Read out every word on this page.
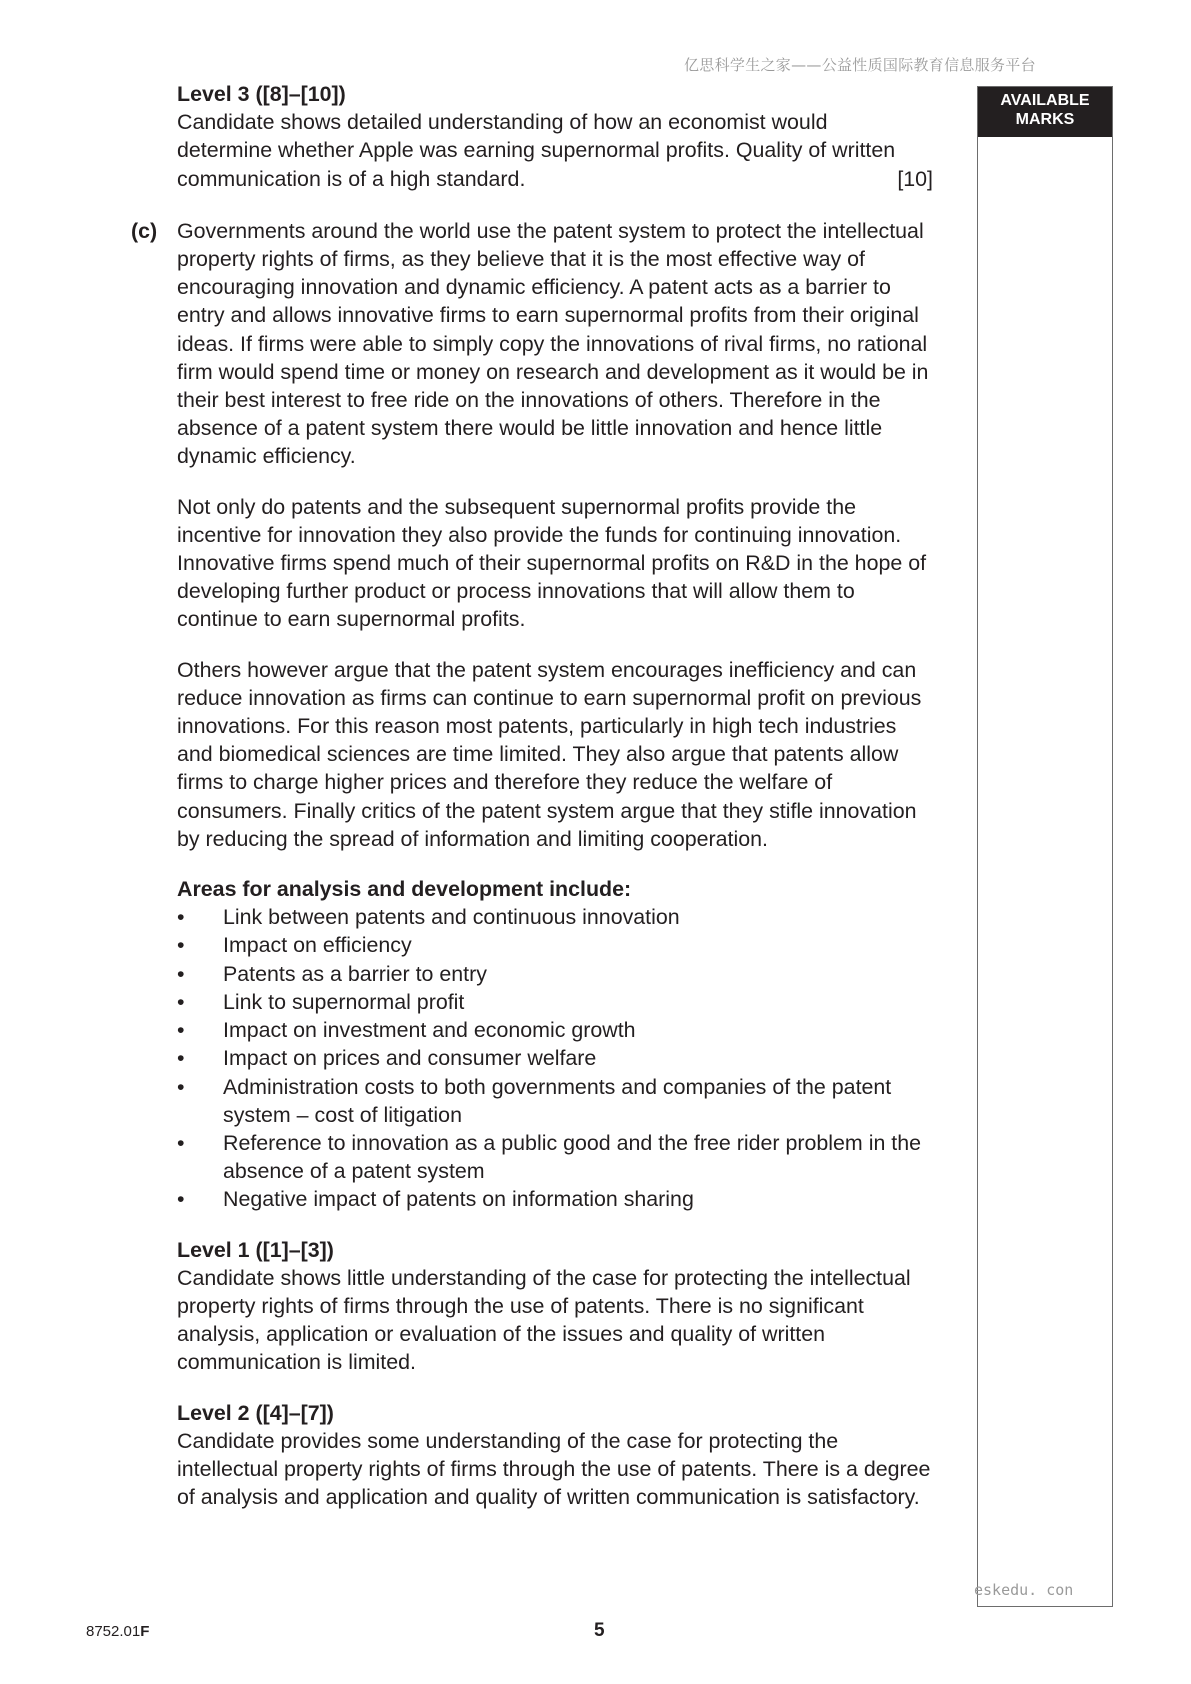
亿思科学生之家——公益性质国际教育信息服务平台
AVAILABLE
MARKS
eskedu. con

Level 3 ([8]–[10])

Candidate shows detailed understanding of how an economist would

determine whether Apple was earning supernormal profits. Quality of written

communication is of a high standard.	[10]

(c) Governments around the world use the patent system to protect the intellectual property rights of firms, as they believe that it is the most effective way of encouraging innovation and dynamic efficiency. A patent acts as a barrier to entry and allows innovative firms to earn supernormal profits from their original ideas. If firms were able to simply copy the innovations of rival firms, no rational firm would spend time or money on research and development as it would be in their best interest to free ride on the innovations of others. Therefore in the absence of a patent system there would be little innovation and hence little dynamic efficiency.

Not only do patents and the subsequent supernormal profits provide the incentive for innovation they also provide the funds for continuing innovation. Innovative firms spend much of their supernormal profits on R&D in the hope of developing further product or process innovations that will allow them to continue to earn supernormal profits.

Others however argue that the patent system encourages inefficiency and can reduce innovation as firms can continue to earn supernormal profit on previous innovations. For this reason most patents, particularly in high tech industries and biomedical sciences are time limited. They also argue that patents allow firms to charge higher prices and therefore they reduce the welfare of consumers. Finally critics of the patent system argue that they stifle innovation by reducing the spread of information and limiting cooperation.

Areas for analysis and development include:

• Link between patents and continuous innovation
• Impact on efficiency
• Patents as a barrier to entry
• Link to supernormal profit
• Impact on investment and economic growth
• Impact on prices and consumer welfare
• Administration costs to both governments and companies of the patent system – cost of litigation
• Reference to innovation as a public good and the free rider problem in the absence of a patent system
• Negative impact of patents on information sharing

Level 1 ([1]–[3])

Candidate shows little understanding of the case for protecting the intellectual property rights of firms through the use of patents. There is no significant analysis, application or evaluation of the issues and quality of written communication is limited.

Level 2 ([4]–[7])

Candidate provides some understanding of the case for protecting the intellectual property rights of firms through the use of patents. There is a degree of analysis and application and quality of written communication is satisfactory.

8752.01F	5
